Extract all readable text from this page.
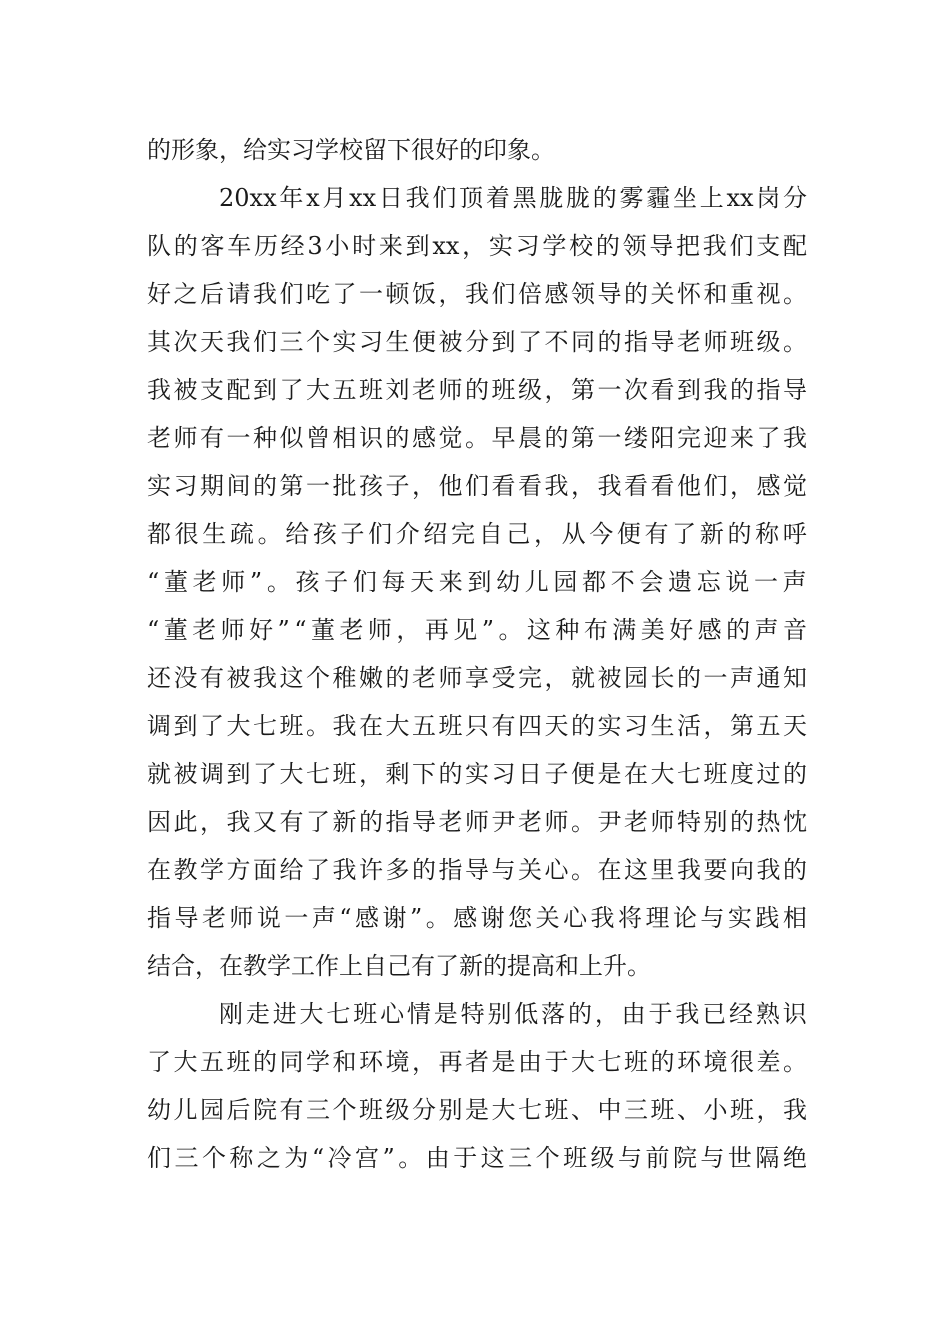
的形象，给实习学校留下很好的印象。
20xx 年 x 月 xx 日 我 们 顶 着 黑 胧 胧 的 雾 霾 坐 上 xx 岗 分
队 的 客 车 历 经 3 小 时 来 到 xx ， 实 习 学 校 的 领 导 把 我 们 支 配
好 之 后 请 我 们 吃 了 一 顿 饭 ， 我 们 倍 感 领 导 的 关 怀 和 重 视 。
其 次 天 我 们 三 个 实 习 生 便 被 分 到 了 不 同 的 指 导 老 师 班 级 。
我 被 支 配 到 了 大 五 班 刘 老 师 的 班 级 ， 第 一 次 看 到 我 的 指 导
老 师 有 一 种 似 曾 相 识 的 感 觉 。 早 晨 的 第 一 缕 阳 完 迎 来 了 我
实 习 期 间 的 第 一 批 孩 子 ， 他 们 看 看 我 ， 我 看 看 他 们 ， 感 觉
都 很 生 疏 。 给 孩 子 们 介 绍 完 自 己 ， 从 今 便 有 了 新 的 称 呼
“ 董 老 师 ” 。 孩 子 们 每 天 来 到 幼 儿 园 都 不 会 遗 忘 说 一 声
“ 董 老 师 好 ” “ 董 老 师 ， 再 见 ” 。 这 种 布 满 美 好 感 的 声 音
还 没 有 被 我 这 个 稚 嫩 的 老 师 享 受 完 ， 就 被 园 长 的 一 声 通 知
调 到 了 大 七 班 。 我 在 大 五 班 只 有 四 天 的 实 习 生 活 ， 第 五 天
就 被 调 到 了 大 七 班 ， 剩 下 的 实 习 日 子 便 是 在 大 七 班 度 过 的
因 此 ， 我 又 有 了 新 的 指 导 老 师 尹 老 师 。 尹 老 师 特 别 的 热 忱
在 教 学 方 面 给 了 我 许 多 的 指 导 与 关 心 。 在 这 里 我 要 向 我 的
指 导 老 师 说 一 声 “ 感 谢 ” 。 感 谢 您 关 心 我 将 理 论 与 实 践 相
结合，在教学工作上自己有了新的提高和上升。
刚 走 进 大 七 班 心 情 是 特 别 低 落 的 ， 由 于 我 已 经 熟 识
了 大 五 班 的 同 学 和 环 境 ， 再 者 是 由 于 大 七 班 的 环 境 很 差 。
幼 儿 园 后 院 有 三 个 班 级 分 别 是 大 七 班 、 中 三 班 、 小 班 ， 我
们 三 个 称 之 为 “ 冷 宫 ” 。 由 于 这 三 个 班 级 与 前 院 与 世 隔 绝
